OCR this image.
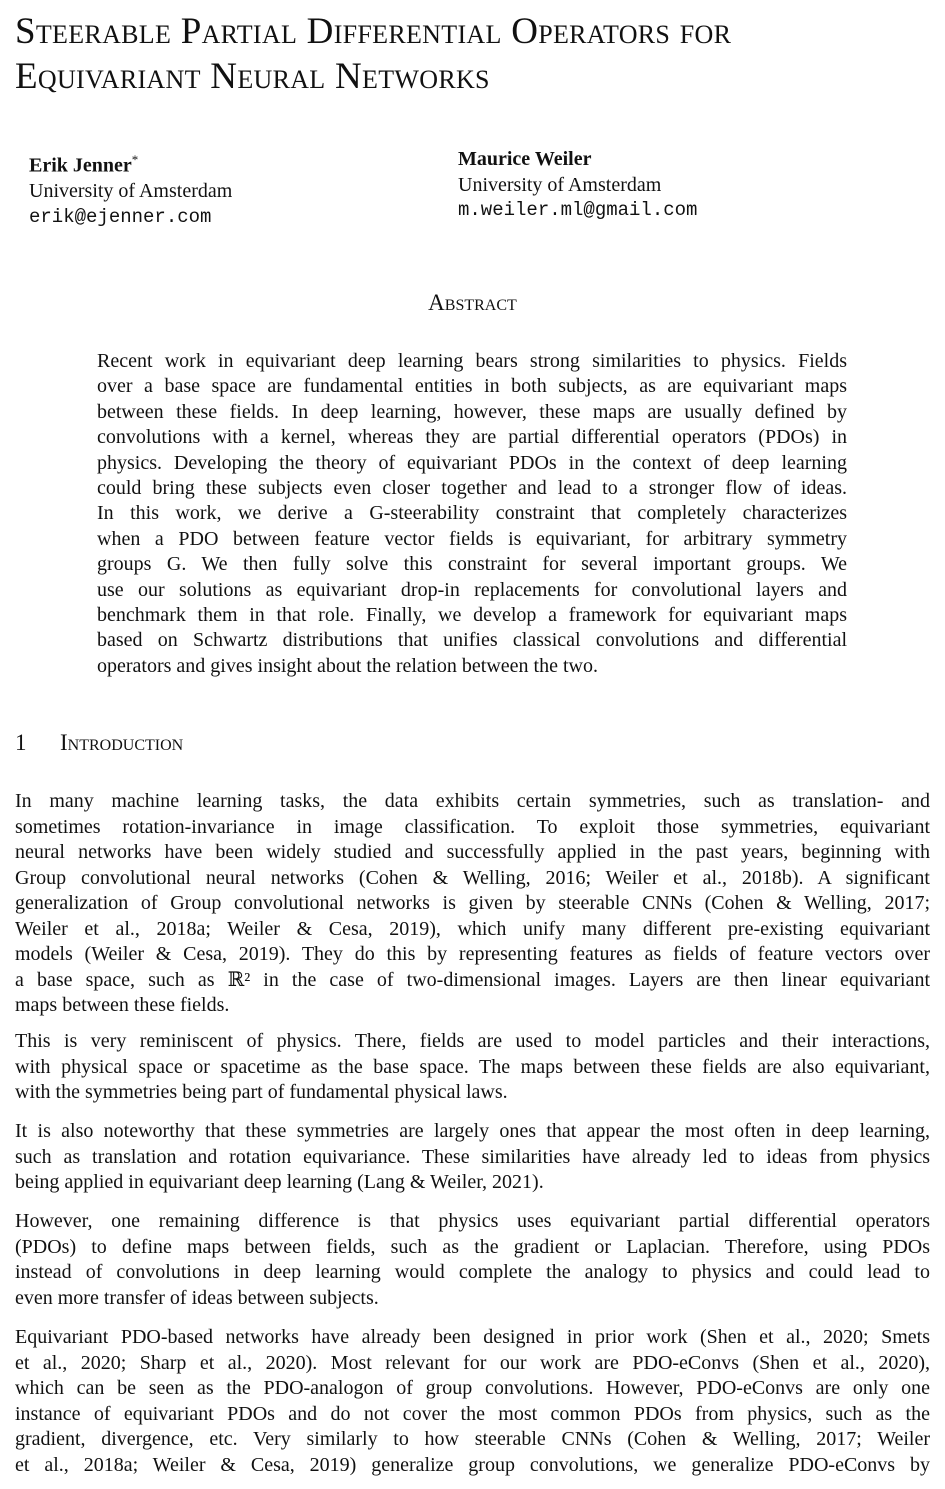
Steerable Partial Differential Operators for
Equivariant Neural Networks
Erik Jenner*
University of Amsterdam
erik@ejenner.com
Maurice Weiler
University of Amsterdam
m.weiler.ml@gmail.com
Abstract
Recent work in equivariant deep learning bears strong similarities to physics. Fields
over a base space are fundamental entities in both subjects, as are equivariant maps
between these fields. In deep learning, however, these maps are usually defined by
convolutions with a kernel, whereas they are partial differential operators (PDOs) in
physics. Developing the theory of equivariant PDOs in the context of deep learning
could bring these subjects even closer together and lead to a stronger flow of ideas.
In this work, we derive a G-steerability constraint that completely characterizes
when a PDO between feature vector fields is equivariant, for arbitrary symmetry
groups G. We then fully solve this constraint for several important groups. We
use our solutions as equivariant drop-in replacements for convolutional layers and
benchmark them in that role. Finally, we develop a framework for equivariant maps
based on Schwartz distributions that unifies classical convolutions and differential
operators and gives insight about the relation between the two.
1 Introduction
In many machine learning tasks, the data exhibits certain symmetries, such as translation- and
sometimes rotation-invariance in image classification. To exploit those symmetries, equivariant
neural networks have been widely studied and successfully applied in the past years, beginning with
Group convolutional neural networks (Cohen & Welling, 2016; Weiler et al., 2018b). A significant
generalization of Group convolutional networks is given by steerable CNNs (Cohen & Welling, 2017;
Weiler et al., 2018a; Weiler & Cesa, 2019), which unify many different pre-existing equivariant
models (Weiler & Cesa, 2019). They do this by representing features as fields of feature vectors over
a base space, such as ℝ² in the case of two-dimensional images. Layers are then linear equivariant
maps between these fields.
This is very reminiscent of physics. There, fields are used to model particles and their interactions,
with physical space or spacetime as the base space. The maps between these fields are also equivariant,
with the symmetries being part of fundamental physical laws.
It is also noteworthy that these symmetries are largely ones that appear the most often in deep learning,
such as translation and rotation equivariance. These similarities have already led to ideas from physics
being applied in equivariant deep learning (Lang & Weiler, 2021).
However, one remaining difference is that physics uses equivariant partial differential operators
(PDOs) to define maps between fields, such as the gradient or Laplacian. Therefore, using PDOs
instead of convolutions in deep learning would complete the analogy to physics and could lead to
even more transfer of ideas between subjects.
Equivariant PDO-based networks have already been designed in prior work (Shen et al., 2020; Smets
et al., 2020; Sharp et al., 2020). Most relevant for our work are PDO-eConvs (Shen et al., 2020),
which can be seen as the PDO-analogon of group convolutions. However, PDO-eConvs are only one
instance of equivariant PDOs and do not cover the most common PDOs from physics, such as the
gradient, divergence, etc. Very similarly to how steerable CNNs (Cohen & Welling, 2017; Weiler
et al., 2018a; Weiler & Cesa, 2019) generalize group convolutions, we generalize PDO-eConvs by
